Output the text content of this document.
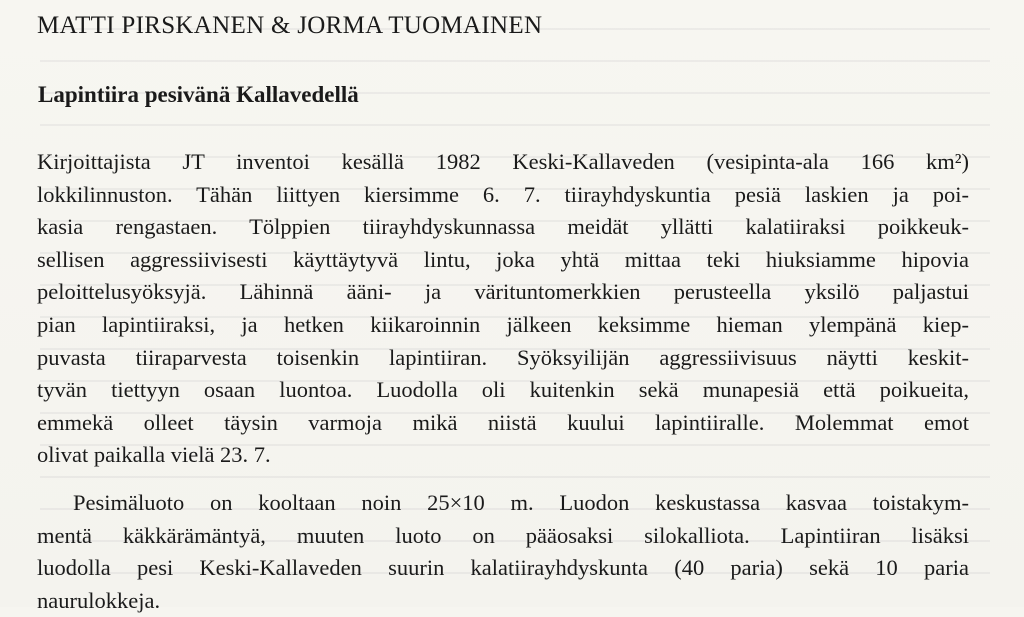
MATTI PIRSKANEN & JORMA TUOMAINEN
Lapintiira pesivänä Kallavedellä
Kirjoittajista JT inventoi kesällä 1982 Keski-Kallaveden (vesipinta-ala 166 km²)
lokkilinnuston. Tähän liittyen kiersimme 6. 7. tiirayhdyskuntia pesiä laskien ja poi-
kasia rengastaen. Tölppien tiirayhdyskunnassa meidät yllätti kalatiiraksi poikkeuk-
sellisen aggressiivisesti käyttäytyvä lintu, joka yhtä mittaa teki hiuksiamme hipovia
peloittelusyöksyjä. Lähinnä ääni- ja värituntomerkkien perusteella yksilö paljastui
pian lapintiiraksi, ja hetken kiikaroinnin jälkeen keksimme hieman ylempänä kiep-
puvasta tiiraparvesta toisenkin lapintiiran. Syöksyilijän aggressiivisuus näytti keskit-
tyvän tiettyyn osaan luontoa. Luodolla oli kuitenkin sekä munapesiä että poikueita,
emmekä olleet täysin varmoja mikä niistä kuului lapintiiralle. Molemmat emot
olivat paikalla vielä 23. 7.
Pesimäluoto on kooltaan noin 25×10 m. Luodon keskustassa kasvaa toistakym-
mentä käkkärämäntyä, muuten luoto on pääosaksi silokalliota. Lapintiiran lisäksi
luodolla pesi Keski-Kallaveden suurin kalatiirayhdyskunta (40 paria) sekä 10 paria
naurulokkeja.
